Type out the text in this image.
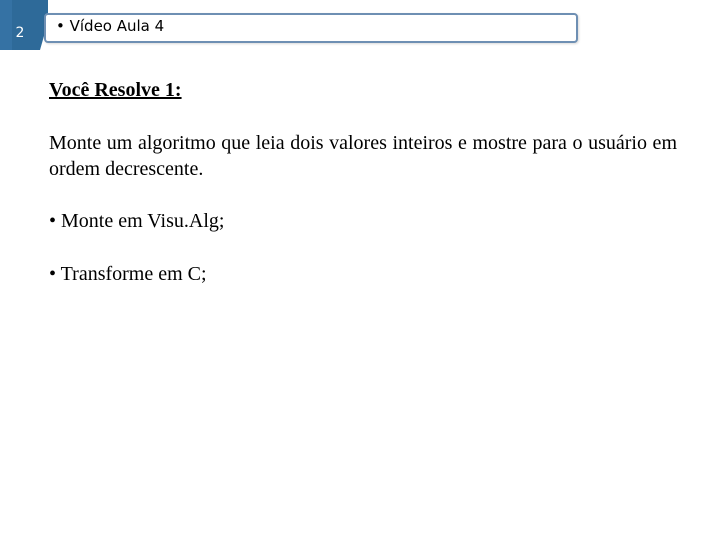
2	• Vídeo Aula 4
Você Resolve 1:
Monte um algoritmo que leia dois valores inteiros e mostre para o usuário em ordem decrescente.
• Monte em Visu.Alg;
• Transforme em C;
